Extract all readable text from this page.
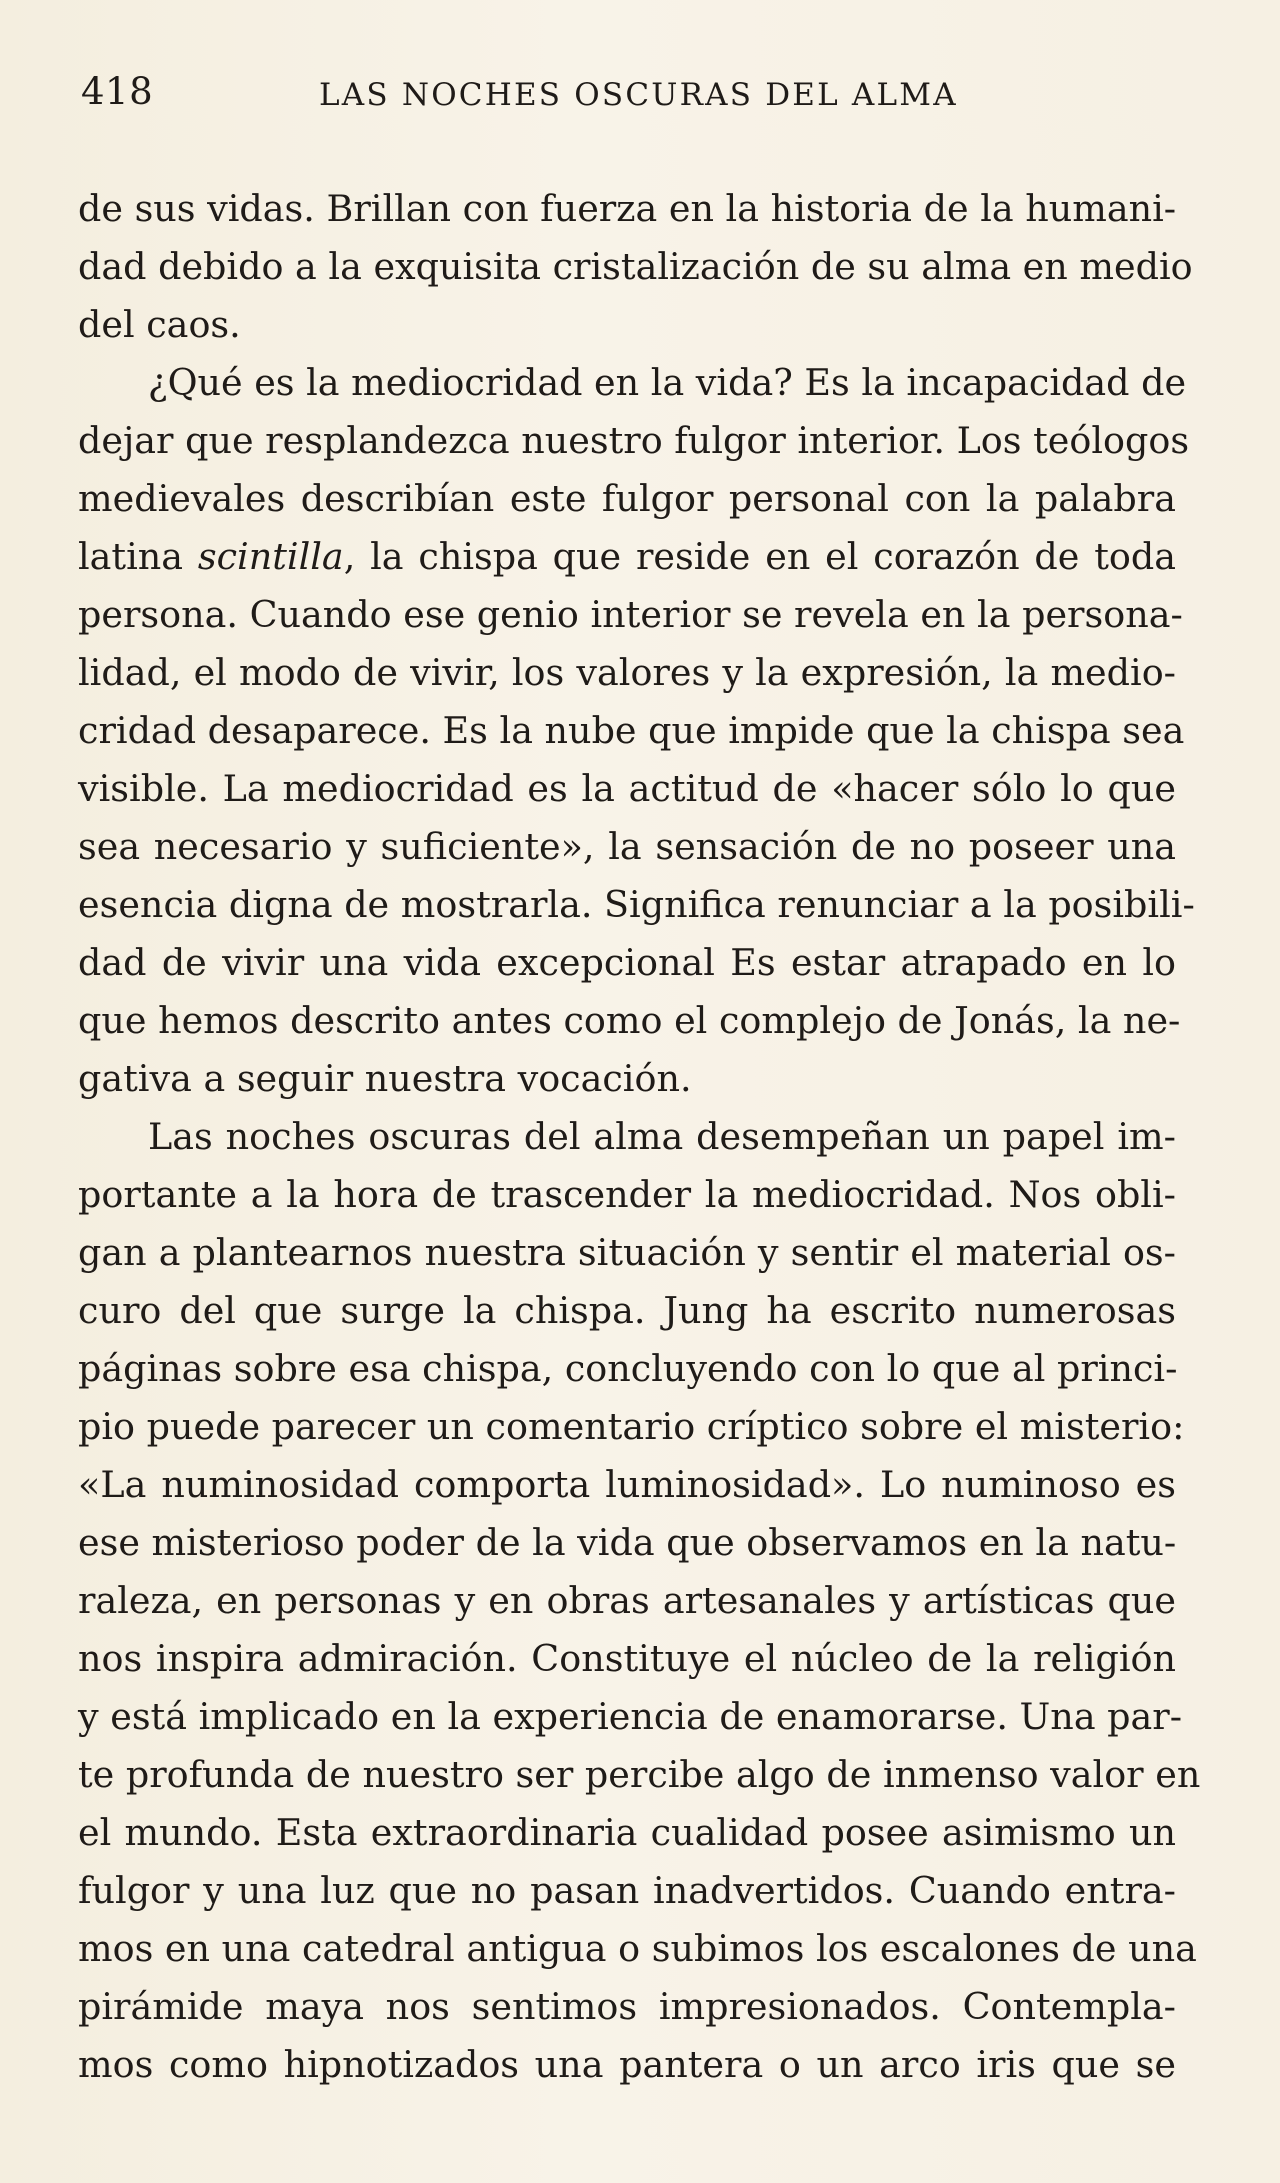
418	LAS NOCHES OSCURAS DEL ALMA
de sus vidas. Brillan con fuerza en la historia de la humani-
dad debido a la exquisita cristalización de su alma en medio
del caos.
¿Qué es la mediocridad en la vida? Es la incapacidad de
dejar que resplandezca nuestro fulgor interior. Los teólogos
medievales describían este fulgor personal con la palabra
latina scintilla, la chispa que reside en el corazón de toda
persona. Cuando ese genio interior se revela en la persona-
lidad, el modo de vivir, los valores y la expresión, la medio-
cridad desaparece. Es la nube que impide que la chispa sea
visible. La mediocridad es la actitud de «hacer sólo lo que
sea necesario y suficiente», la sensación de no poseer una
esencia digna de mostrarla. Significa renunciar a la posibili-
dad de vivir una vida excepcional Es estar atrapado en lo
que hemos descrito antes como el complejo de Jonás, la ne-
gativa a seguir nuestra vocación.
Las noches oscuras del alma desempeñan un papel im-
portante a la hora de trascender la mediocridad. Nos obli-
gan a plantearnos nuestra situación y sentir el material os-
curo del que surge la chispa. Jung ha escrito numerosas
páginas sobre esa chispa, concluyendo con lo que al princi-
pio puede parecer un comentario críptico sobre el misterio:
«La numinosidad comporta luminosidad». Lo numinoso es
ese misterioso poder de la vida que observamos en la natu-
raleza, en personas y en obras artesanales y artísticas que
nos inspira admiración. Constituye el núcleo de la religión
y está implicado en la experiencia de enamorarse. Una par-
te profunda de nuestro ser percibe algo de inmenso valor en
el mundo. Esta extraordinaria cualidad posee asimismo un
fulgor y una luz que no pasan inadvertidos. Cuando entra-
mos en una catedral antigua o subimos los escalones de una
pirámide maya nos sentimos impresionados. Contempla-
mos como hipnotizados una pantera o un arco iris que se
